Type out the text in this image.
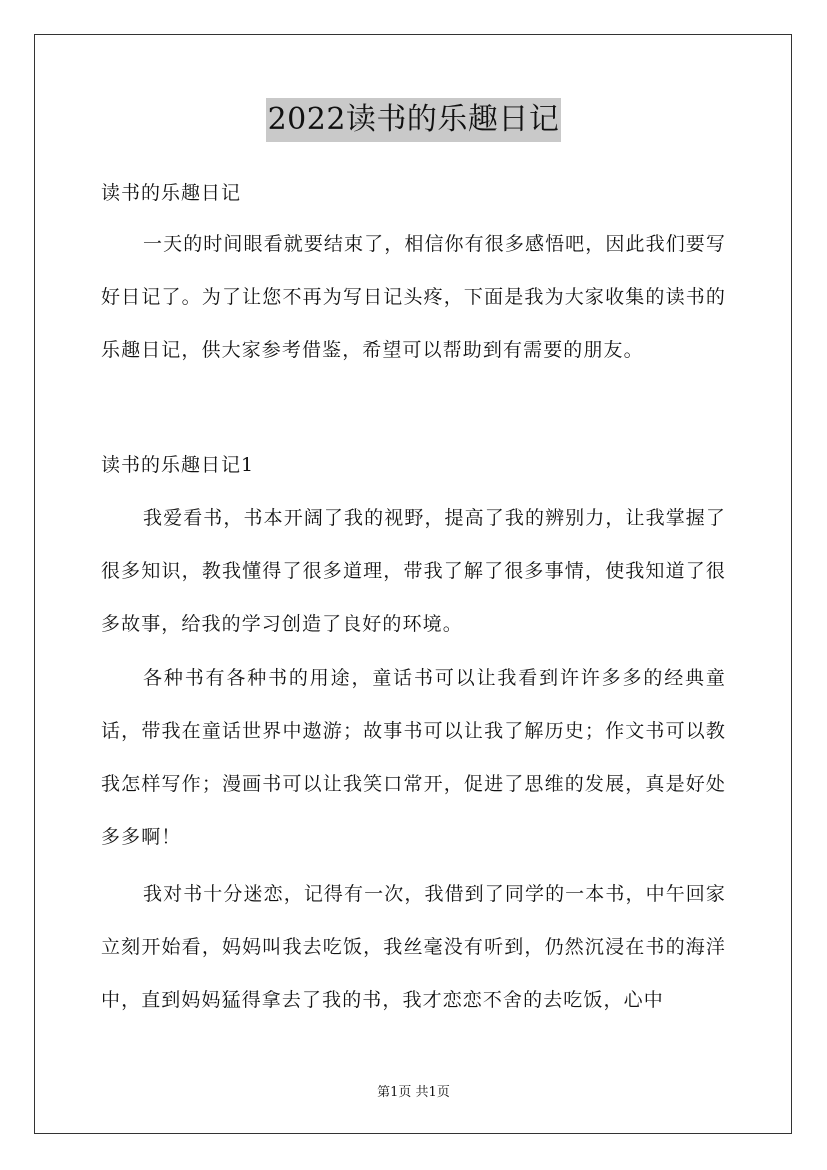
2022读书的乐趣日记
读书的乐趣日记

一天的时间眼看就要结束了，相信你有很多感悟吧，因此我们要写好日记了。为了让您不再为写日记头疼，下面是我为大家收集的读书的乐趣日记，供大家参考借鉴，希望可以帮助到有需要的朋友。

读书的乐趣日记1

我爱看书，书本开阔了我的视野，提高了我的辨别力，让我掌握了很多知识，教我懂得了很多道理，带我了解了很多事情，使我知道了很多故事，给我的学习创造了良好的环境。

各种书有各种书的用途，童话书可以让我看到许许多多的经典童话，带我在童话世界中遨游；故事书可以让我了解历史；作文书可以教我怎样写作；漫画书可以让我笑口常开，促进了思维的发展，真是好处多多啊！

我对书十分迷恋，记得有一次，我借到了同学的一本书，中午回家立刻开始看，妈妈叫我去吃饭，我丝毫没有听到，仍然沉浸在书的海洋中，直到妈妈猛得拿去了我的书，我才恋恋不舍的去吃饭，心中

第1页 共1页
